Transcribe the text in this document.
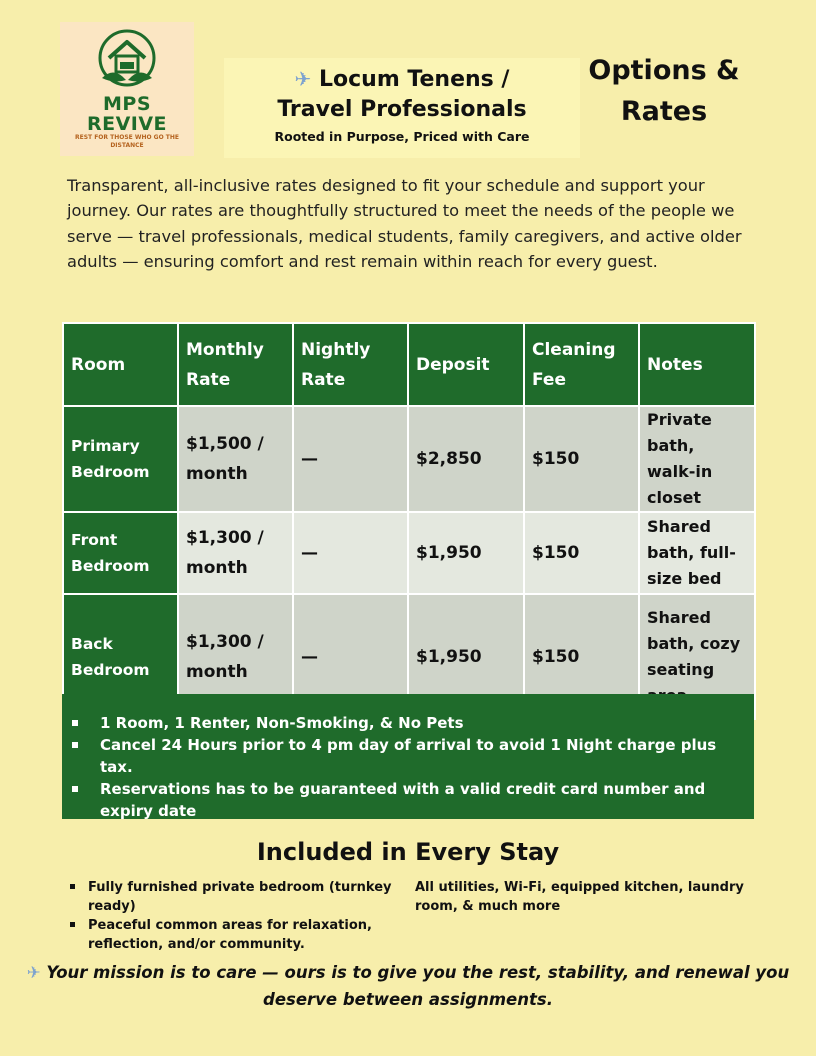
MPS REVIVE
REST FOR THOSE WHO GO THE DISTANCE
✈ Locum Tenens /
Travel Professionals
Rooted in Purpose, Priced with Care
Options &
Rates

Transparent, all-inclusive rates designed to fit your schedule and support your journey. Our rates are thoughtfully structured to meet the needs of the people we serve — travel professionals, medical students, family caregivers, and active older adults — ensuring comfort and rest remain within reach for every guest.

Room	Monthly Rate	Nightly Rate	Deposit	Cleaning Fee	Notes
Primary Bedroom	$1,500 / month	—	$2,850	$150	Private bath, walk-in closet
Front Bedroom	$1,300 / month	—	$1,950	$150	Shared bath, full-size bed
Back Bedroom	$1,300 / month	—	$1,950	$150	Shared bath, cozy seating
1 Room, 1 Renter, Non-Smoking, & No Pets
Cancel 24 Hours prior to 4 pm day of arrival to avoid 1 Night charge plus tax.
Reservations has to be guaranteed with a valid credit card number and expiry date
Included in Every Stay
Fully furnished private bedroom (turnkey ready)
Peaceful common areas for relaxation, reflection, and/or community.
All utilities, Wi-Fi, equipped kitchen, laundry room, & much more
✈ Your mission is to care — ours is to give you the rest, stability, and renewal you deserve between assignments.
